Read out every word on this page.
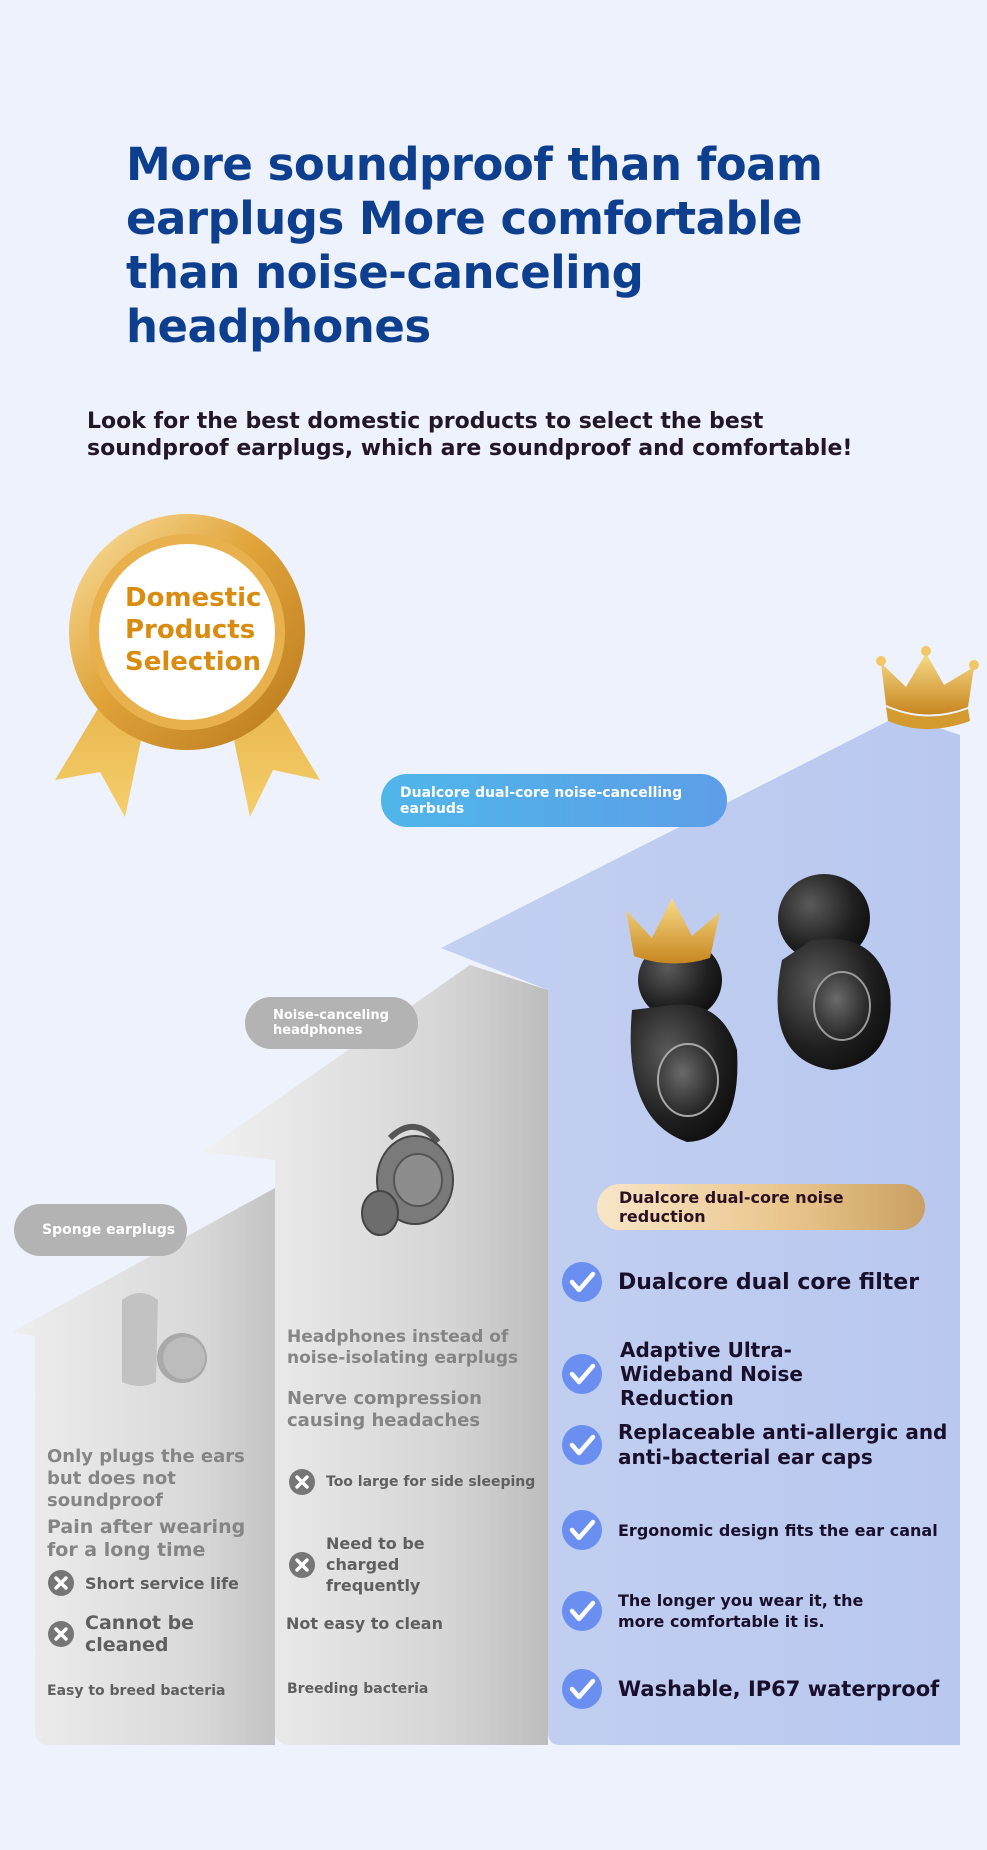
More soundproof than foam earplugs More comfortable than noise-canceling headphones

Look for the best domestic products to select the best soundproof earplugs, which are soundproof and comfortable!

Domestic
Products
Selection
Sponge earplugs
Noise-canceling
headphones
Dualcore dual-core noise-cancelling earbuds
Dualcore dual-core noise reduction

Only plugs the ears but does not soundproof

Pain after wearing for a long time

Short service life
Cannot be cleaned

Easy to breed bacteria

Headphones instead of noise-isolating earplugs

Nerve compression causing headaches

Too large for side sleeping
Need to be charged frequently

Not easy to clean

Breeding bacteria

Dualcore dual core filter

Adaptive Ultra-Wideband Noise Reduction

Replaceable anti-allergic and anti-bacterial ear caps

Ergonomic design fits the ear canal

The longer you wear it, the more comfortable it is.

Washable, IP67 waterproof
